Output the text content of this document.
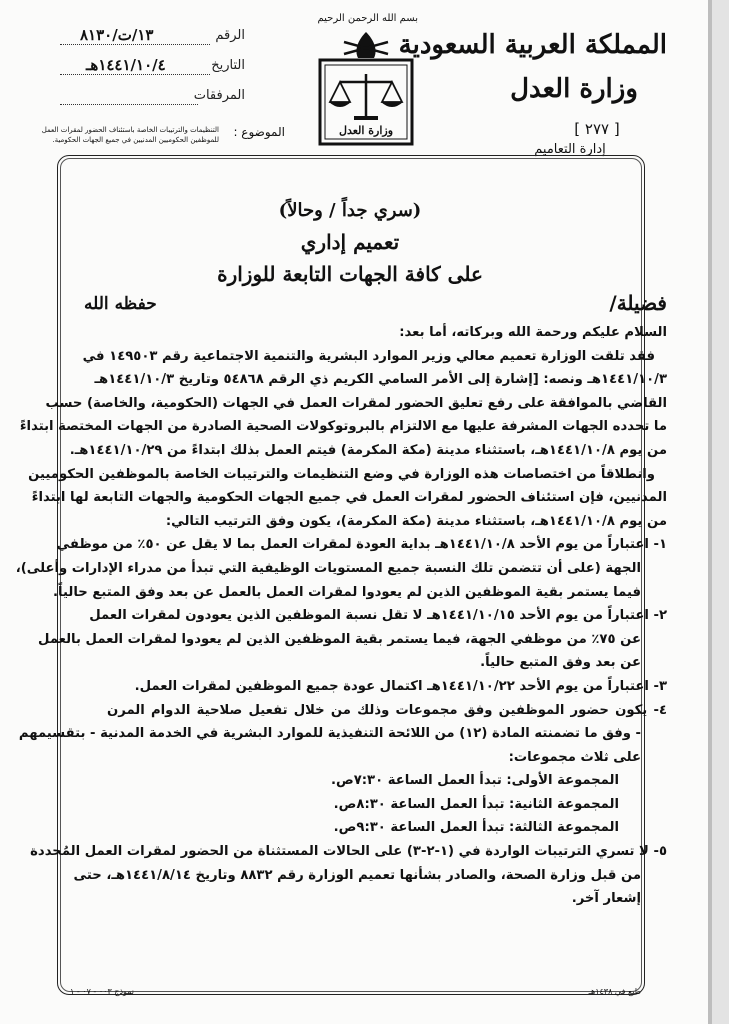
المملكة العربية السعودية
وزارة العدل
[ ٢٧٧ ]
إدارة التعاميم
بسم الله الرحمن الرحيم
وزارة العدل
الرقم
١٣/ت/٨١٣٠
التاريخ
١٤٤١/١٠/٤هـ
المرفقات
الموضوع :
التنظيمات والترتيبات الخاصة باستئناف الحضور لمقرات العمل للموظفين الحكوميين المدنيين في جميع الجهات الحكومية.
(سري جداً / وحالاً)
تعميم إداري
على كافة الجهات التابعة للوزارة
فضيلة/
حفظه الله
السلام عليكم ورحمة الله وبركاته، أما بعد:
فقد تلقت الوزارة تعميم معالي وزير الموارد البشرية والتنمية الاجتماعية رقم ١٤٩٥٠٣ في
١٤٤١/١٠/٣هـ ونصه: [إشارة إلى الأمر السامي الكريم ذي الرقم ٥٤٨٦٨ وتاريخ ١٤٤١/١٠/٣هـ
القاضي بالموافقة على رفع تعليق الحضور لمقرات العمل في الجهات (الحكومية، والخاصة) حسب
ما تحدده الجهات المشرفة عليها مع الالتزام بالبروتوكولات الصحية الصادرة من الجهات المختصة ابتداءً
من يوم ١٤٤١/١٠/٨هـ، باستثناء مدينة (مكة المكرمة) فيتم العمل بذلك ابتداءً من ١٤٤١/١٠/٢٩هـ.
وانطلاقاً من اختصاصات هذه الوزارة في وضع التنظيمات والترتيبات الخاصة بالموظفين الحكوميين
المدنيين، فإن استئناف الحضور لمقرات العمل في جميع الجهات الحكومية والجهات التابعة لها ابتداءً
من يوم ١٤٤١/١٠/٨هـ، باستثناء مدينة (مكة المكرمة)، يكون وفق الترتيب التالي:
١- اعتباراً من يوم الأحد ١٤٤١/١٠/٨هـ بداية العودة لمقرات العمل بما لا يقل عن ٥٠٪ من موظفي
الجهة (على أن تتضمن تلك النسبة جميع المستويات الوظيفية التي تبدأ من مدراء الإدارات وأعلى)،
فيما يستمر بقية الموظفين الذين لم يعودوا لمقرات العمل بالعمل عن بعد وفق المتبع حالياً.
٢- اعتباراً من يوم الأحد ١٤٤١/١٠/١٥هـ لا تقل نسبة الموظفين الذين يعودون لمقرات العمل
عن ٧٥٪ من موظفي الجهة، فيما يستمر بقية الموظفين الذين لم يعودوا لمقرات العمل بالعمل
عن بعد وفق المتبع حالياً.
٣- اعتباراً من يوم الأحد ١٤٤١/١٠/٢٢هـ اكتمال عودة جميع الموظفين لمقرات العمل.
٤- يكون حضور الموظفين وفق مجموعات وذلك من خلال تفعيل صلاحية الدوام المرن
- وفق ما تضمنته المادة (١٢) من اللائحة التنفيذية للموارد البشرية في الخدمة المدنية - بتقسيمهم
على ثلاث مجموعات:
المجموعة الأولى: تبدأ العمل الساعة ٧:٣٠ص.
المجموعة الثانية: تبدأ العمل الساعة ٨:٣٠ص.
المجموعة الثالثة: تبدأ العمل الساعة ٩:٣٠ص.
٥- لا تسري الترتيبات الواردة في (١-٢-٣) على الحالات المستثناة من الحضور لمقرات العمل المُحددة
من قبل وزارة الصحة، والصادر بشأنها تعميم الوزارة رقم ٨٨٣٢ وتاريخ ١٤٤١/٨/١٤هـ، حتى
إشعار آخر.
نموذج ٠٠٣ - ٠٧ - ١	طبع في ١٤٣٨هـ
